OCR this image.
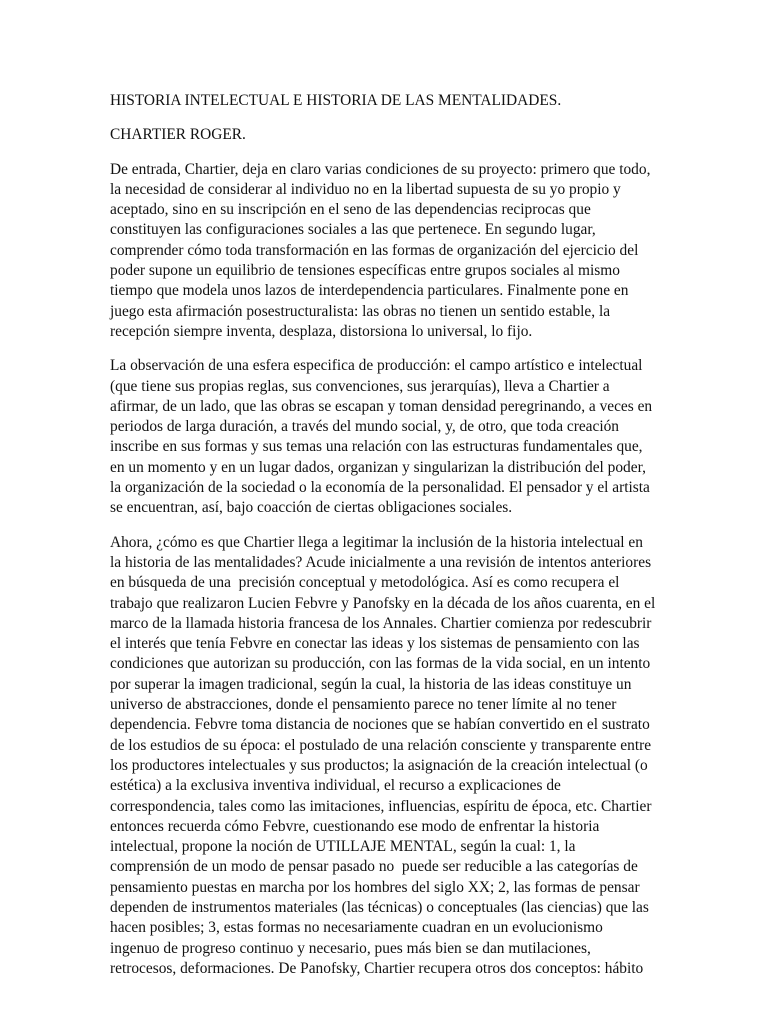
HISTORIA INTELECTUAL E HISTORIA DE LAS MENTALIDADES.

CHARTIER ROGER.

De entrada, Chartier, deja en claro varias condiciones de su proyecto: primero que todo,
la necesidad de considerar al individuo no en la libertad supuesta de su yo propio y
aceptado, sino en su inscripción en el seno de las dependencias reciprocas que
constituyen las configuraciones sociales a las que pertenece. En segundo lugar,
comprender cómo toda transformación en las formas de organización del ejercicio del
poder supone un equilibrio de tensiones específicas entre grupos sociales al mismo
tiempo que modela unos lazos de interdependencia particulares. Finalmente pone en
juego esta afirmación posestructuralista: las obras no tienen un sentido estable, la
recepción siempre inventa, desplaza, distorsiona lo universal, lo fijo.

La observación de una esfera especifica de producción: el campo artístico e intelectual
(que tiene sus propias reglas, sus convenciones, sus jerarquías), lleva a Chartier a
afirmar, de un lado, que las obras se escapan y toman densidad peregrinando, a veces en
periodos de larga duración, a través del mundo social, y, de otro, que toda creación
inscribe en sus formas y sus temas una relación con las estructuras fundamentales que,
en un momento y en un lugar dados, organizan y singularizan la distribución del poder,
la organización de la sociedad o la economía de la personalidad. El pensador y el artista
se encuentran, así, bajo coacción de ciertas obligaciones sociales.

Ahora, ¿cómo es que Chartier llega a legitimar la inclusión de la historia intelectual en
la historia de las mentalidades? Acude inicialmente a una revisión de intentos anteriores
en búsqueda de una  precisión conceptual y metodológica. Así es como recupera el
trabajo que realizaron Lucien Febvre y Panofsky en la década de los años cuarenta, en el
marco de la llamada historia francesa de los Annales. Chartier comienza por redescubrir
el interés que tenía Febvre en conectar las ideas y los sistemas de pensamiento con las
condiciones que autorizan su producción, con las formas de la vida social, en un intento
por superar la imagen tradicional, según la cual, la historia de las ideas constituye un
universo de abstracciones, donde el pensamiento parece no tener límite al no tener
dependencia. Febvre toma distancia de nociones que se habían convertido en el sustrato
de los estudios de su época: el postulado de una relación consciente y transparente entre
los productores intelectuales y sus productos; la asignación de la creación intelectual (o
estética) a la exclusiva inventiva individual, el recurso a explicaciones de
correspondencia, tales como las imitaciones, influencias, espíritu de época, etc. Chartier
entonces recuerda cómo Febvre, cuestionando ese modo de enfrentar la historia
intelectual, propone la noción de UTILLAJE MENTAL, según la cual: 1, la
comprensión de un modo de pensar pasado no  puede ser reducible a las categorías de
pensamiento puestas en marcha por los hombres del siglo XX; 2, las formas de pensar
dependen de instrumentos materiales (las técnicas) o conceptuales (las ciencias) que las
hacen posibles; 3, estas formas no necesariamente cuadran en un evolucionismo
ingenuo de progreso continuo y necesario, pues más bien se dan mutilaciones,
retrocesos, deformaciones. De Panofsky, Chartier recupera otros dos conceptos: hábito
